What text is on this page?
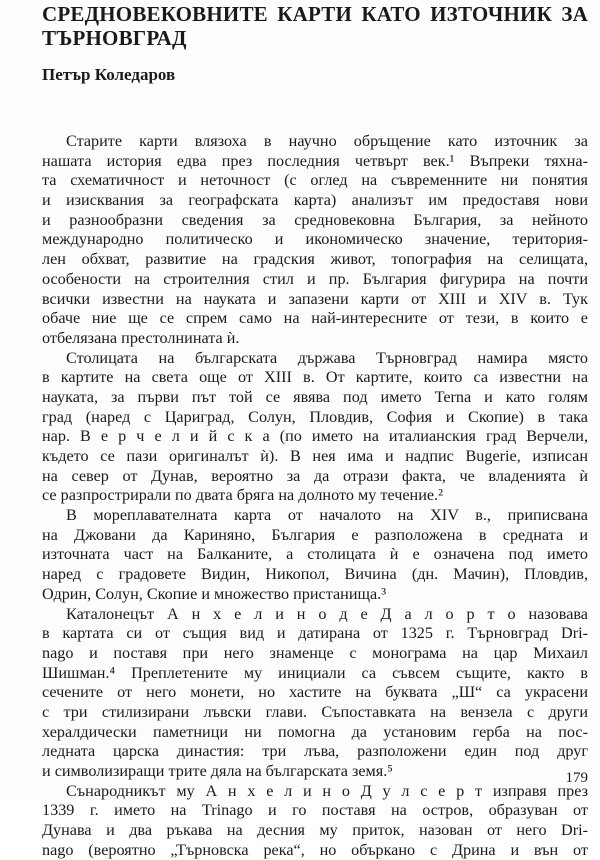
СРЕДНОВЕКОВНИТЕ КАРТИ КАТО ИЗТОЧНИК ЗА
ТЪРНОВГРАД
Петър Коледаров
Старите карти влязоха в научно обръщение като източник за
нашата история едва през последния четвърт век.¹ Въпреки тяхна-
та схематичност и неточност (с оглед на съвременните ни понятия
и изисквания за географската карта) анализът им предоставя нови
и разнообразни сведения за средновековна България, за нейното
международно политическо и икономическо значение, територия-
лен обхват, развитие на градския живот, топография на селищата,
особености на строителния стил и пр. България фигурира на почти
всички известни на науката и запазени карти от XIII и XIV в. Тук
обаче ние ще се спрем само на най-интересните от тези, в които е
отбелязана престолнината ѝ.
Столицата на българската държава Търновград намира място
в картите на света още от XIII в. От картите, които са известни на
науката, за първи път той се явява под името Terna и като голям
град (наред с Цариград, Солун, Пловдив, София и Скопие) в така
нар. В е р ч е л и й с к а (по името на италианския град Верчели,
където се пази оригиналът ѝ). В нея има и надпис Bugerie, изписан
на север от Дунав, вероятно за да отрази факта, че владенията ѝ
се разпрострирали по двата бряга на долното му течение.²
В мореплавателната карта от началото на XIV в., приписвана
на Джовани да Кариняно, България е разположена в средната и
източната част на Балканите, а столицата ѝ е означена под името
наред с градовете Видин, Никопол, Вичина (дн. Мачин), Пловдив,
Одрин, Солун, Скопие и множество пристанища.³
Каталонецът А н х е л и н о д е Д а л о р т о назовава
в картата си от същия вид и датирана от 1325 г. Търновград Dri-
nago и поставя при него знаменце с монограма на цар Михаил
Шишман.⁴ Преплетените му инициали са съвсем същите, както в
сечените от него монети, но хастите на буквата „Ш“ са украсени
с три стилизирани лъвски глави. Съпоставката на вензела с други
хералдически паметници ни помогна да установим герба на пос-
ледната царска династия: три лъва, разположени един под друг
и символизиращи трите дяла на българската земя.⁵
Сънародникът му А н х е л и н о Д у л с е р т изправя през
1339 г. името на Trinago и го поставя на остров, образуван от
Дунава и два ръкава на десния му приток, назован от него Dri-
nago (вероятно „Търновска река“, но объркано с Дрина и вън от
179
